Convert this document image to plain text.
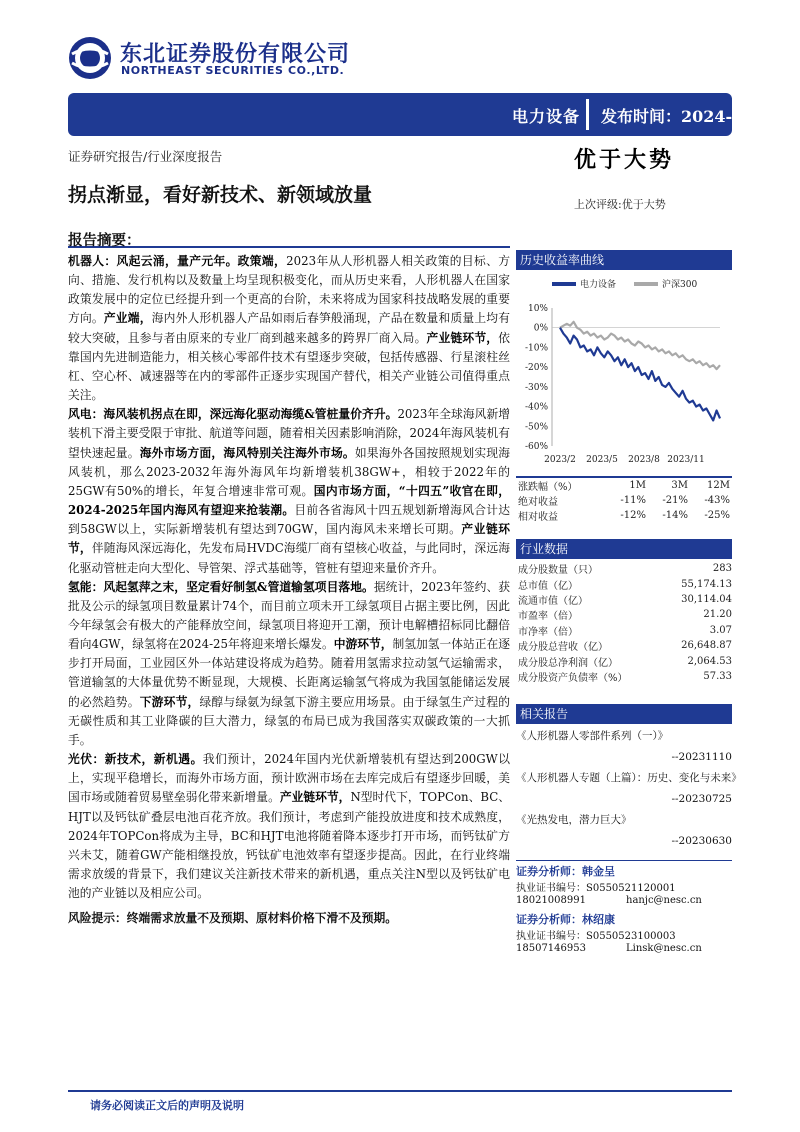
东北证券股份有限公司
NORTHEAST SECURITIES CO.,LTD.
电力设备 发布时间：2024-02-09
证券研究报告/行业深度报告	优于大势
上次评级:优于大势
拐点渐显，看好新技术、新领域放量
报告摘要：

机器人：风起云涌，量产元年。政策端，2023年从人形机器人相关政策的目标、方向、措施、发行机构以及数量上均呈现积极变化，而从历史来看，人形机器人在国家政策发展中的定位已经提升到一个更高的台阶，未来将成为国家科技战略发展的重要方向。产业端，海内外人形机器人产品如雨后春笋般涌现，产品在数量和质量上均有较大突破，且参与者由原来的专业厂商到越来越多的跨界厂商入局。产业链环节，依靠国内先进制造能力，相关核心零部件技术有望逐步突破，包括传感器、行星滚柱丝杠、空心杯、减速器等在内的零部件正逐步实现国产替代，相关产业链公司值得重点关注。

风电：海风装机拐点在即，深远海化驱动海缆&管桩量价齐升。2023年全球海风新增装机下滑主要受限于审批、航道等问题，随着相关因素影响消除，2024年海风装机有望快速起量。海外市场方面，海风特别关注海外市场。如果海外各国按照规划实现海风装机，那么2023-2032年海外海风年均新增装机38GW+，相较于2022年的25GW有50%的增长，年复合增速非常可观。国内市场方面，“十四五”收官在即，2024-2025年国内海风有望迎来抢装潮。目前各省海风十四五规划新增海风合计达到58GW以上，实际新增装机有望达到70GW，国内海风未来增长可期。产业链环节，伴随海风深远海化，先发布局HVDC海缆厂商有望核心收益，与此同时，深远海化驱动管桩走向大型化、导管架、浮式基础等，管桩有望迎来量价齐升。

氢能：风起氢萍之末，坚定看好制氢&管道输氢项目落地。据统计，2023年签约、获批及公示的绿氢项目数量累计74个，而目前立项未开工绿氢项目占据主要比例，因此今年绿氢会有极大的产能释放空间，绿氢项目将迎开工潮，预计电解槽招标同比翻倍看向4GW，绿氢将在2024-25年将迎来增长爆发。中游环节，制氢加氢一体站正在逐步打开局面，工业园区外一体站建设将成为趋势。随着用氢需求拉动氢气运输需求，管道输氢的大体量优势不断显现，大规模、长距离运输氢气将成为我国氢能储运发展的必然趋势。下游环节，绿醇与绿氨为绿氢下游主要应用场景。由于绿氢生产过程的无碳性质和其工业降碳的巨大潜力，绿氢的布局已成为我国落实双碳政策的一大抓手。

光伏：新技术，新机遇。我们预计，2024年国内光伏新增装机有望达到200GW以上，实现平稳增长，而海外市场方面，预计欧洲市场在去库完成后有望逐步回暖，美国市场或随着贸易壁垒弱化带来新增量。产业链环节，N型时代下，TOPCon、BC、HJT以及钙钛矿叠层电池百花齐放。我们预计，考虑到产能投放进度和技术成熟度，2024年TOPCon将成为主导，BC和HJT电池将随着降本逐步打开市场，而钙钛矿方兴未艾，随着GW产能相继投放，钙钛矿电池效率有望逐步提高。因此，在行业终端需求放缓的背景下，我们建议关注新技术带来的新机遇，重点关注N型以及钙钛矿电池的产业链以及相应公司。

风险提示：终端需求放量不及预期、原材料价格下滑不及预期。
历史收益率曲线
电力设备	沪深300
10%
0%
-10%
-20%
-30%
-40%
-50%
-60%
2023/2 2023/5 2023/8 2023/11
涨跌幅（%）	1M	3M	12M
绝对收益	-11%	-21%	-43%
相对收益	-12%	-14%	-25%
行业数据
成分股数量（只）	283
总市值（亿）	55,174.13
流通市值（亿）	30,114.04
市盈率（倍）	21.20
市净率（倍）	3.07
成分股总营收（亿）	26,648.87
成分股总净利润（亿）	2,064.53
成分股资产负债率（%）	57.33
相关报告
《人形机器人零部件系列（一）》
--20231110
《人形机器人专题（上篇）：历史、变化与未来》
--20230725
《光热发电，潜力巨大》
--20230630
证券分析师：韩金呈
执业证书编号：S0550521120001
18021008991	hanjc@nesc.cn
证券分析师：林绍康
执业证书编号：S0550523100003
18507146953	Linsk@nesc.cn
请务必阅读正文后的声明及说明
